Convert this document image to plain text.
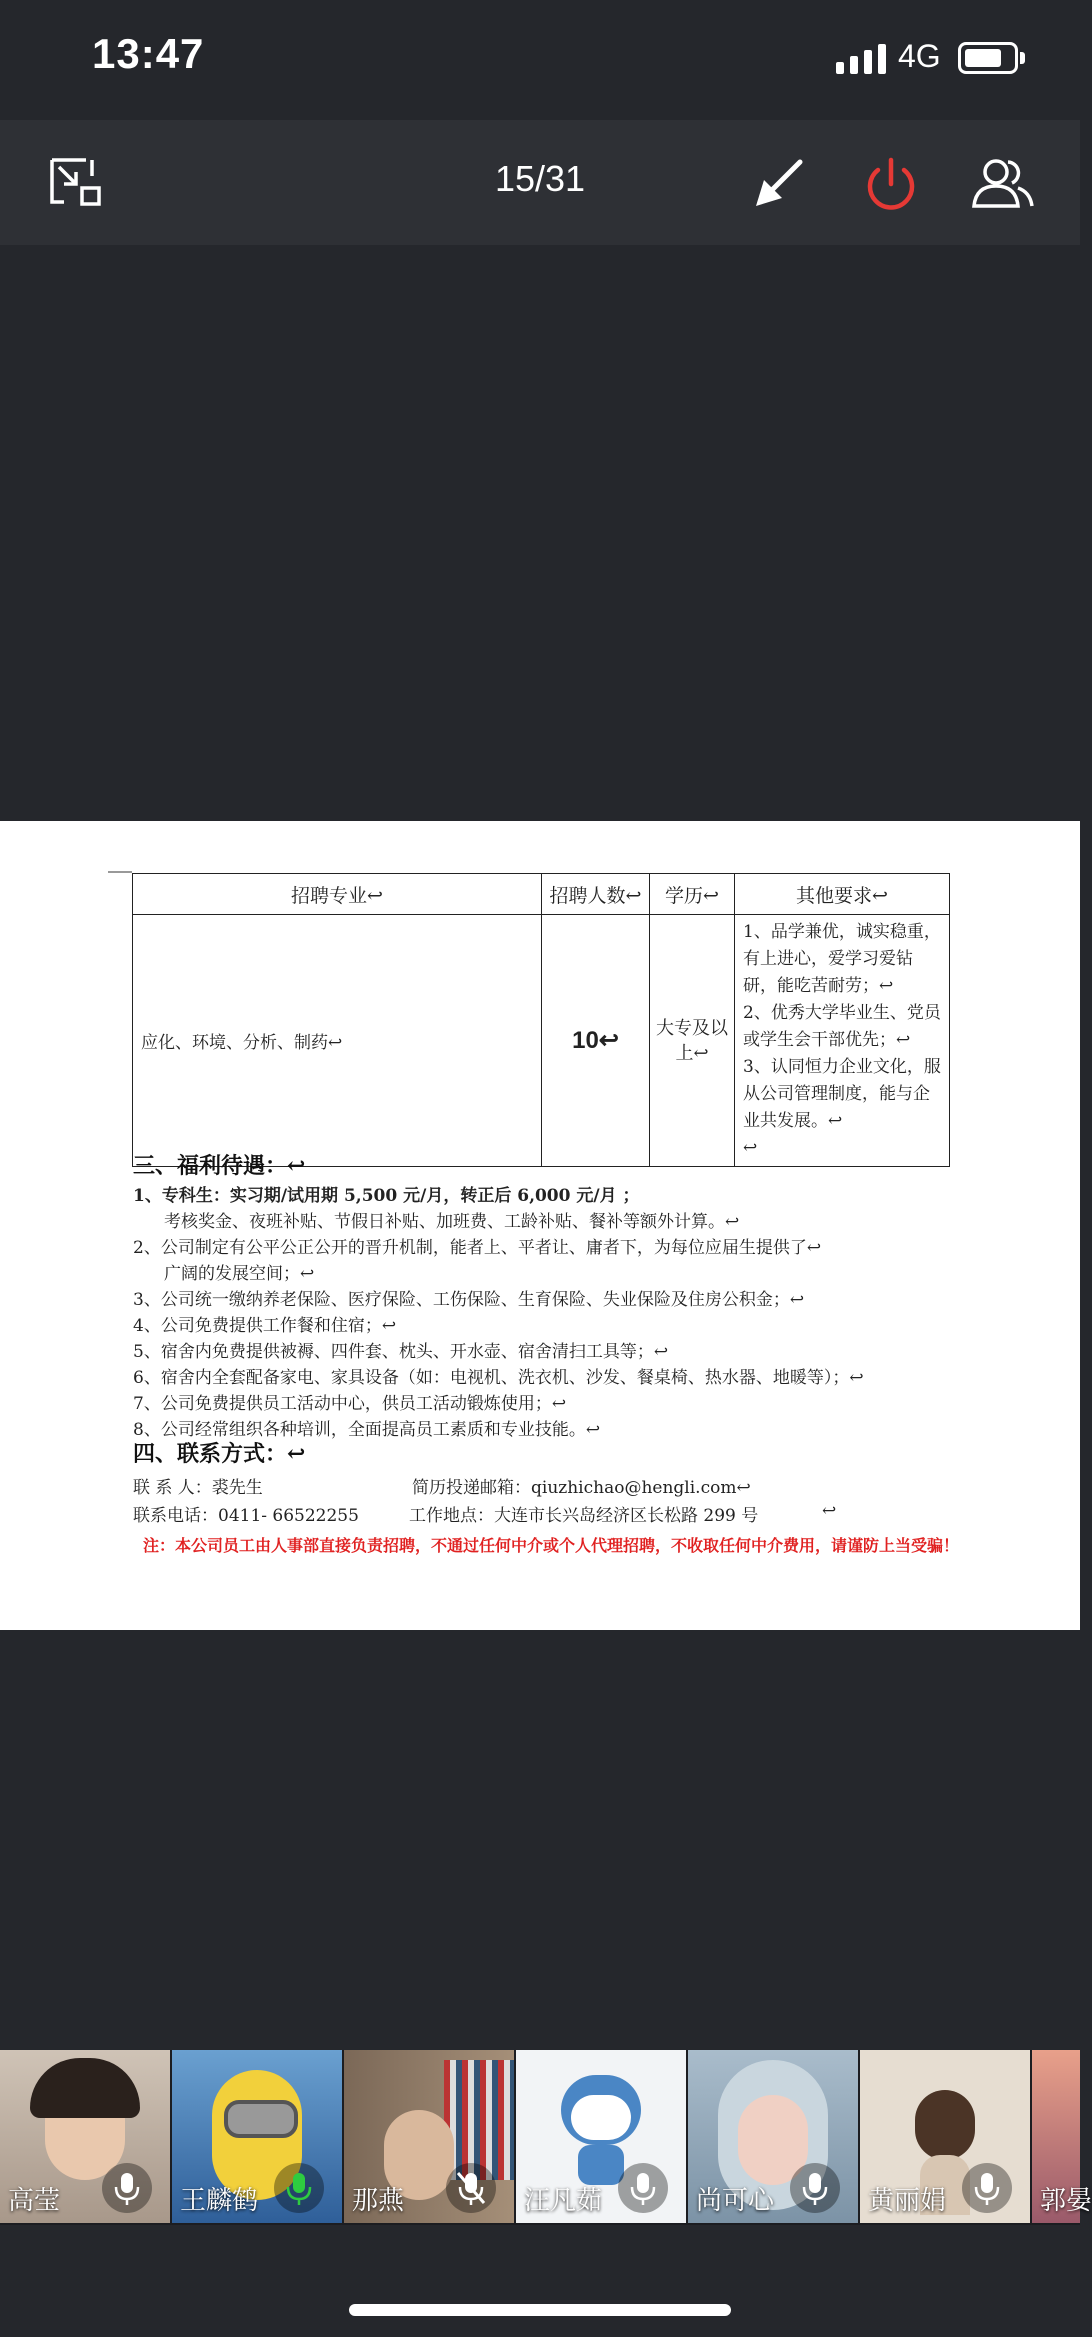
13:47	4G
15/31
招聘专业↩	招聘人数↩	学历↩	其他要求↩
应化、环境、分析、制药↩	10↩	大专及以上↩	1、品学兼优，诚实稳重，有上进心，爱学习爱钻研，能吃苦耐劳；↩
2、优秀大学毕业生、党员或学生会干部优先；↩
3、认同恒力企业文化，服从公司管理制度，能与企业共发展。↩
↩
三、福利待遇：↩
1、专科生：实习期/试用期 5,500 元/月，转正后 6,000 元/月 ；
考核奖金、夜班补贴、节假日补贴、加班费、工龄补贴、餐补等额外计算。↩
2、公司制定有公平公正公开的晋升机制，能者上、平者让、庸者下，为每位应届生提供了↩
广阔的发展空间；↩
3、公司统一缴纳养老保险、医疗保险、工伤保险、生育保险、失业保险及住房公积金；↩
4、公司免费提供工作餐和住宿；↩
5、宿舍内免费提供被褥、四件套、枕头、开水壶、宿舍清扫工具等；↩
6、宿舍内全套配备家电、家具设备（如：电视机、洗衣机、沙发、餐桌椅、热水器、地暖等）；↩
7、公司免费提供员工活动中心，供员工活动锻炼使用；↩
8、公司经常组织各种培训，全面提高员工素质和专业技能。↩
四、联系方式：↩
联 系 人：裘先生	简历投递邮箱：qiuzhichao@hengli.com↩
联系电话：0411- 66522255	工作地点：大连市长兴岛经济区长松路 299 号	↩
注：本公司员工由人事部直接负责招聘，不通过任何中介或个人代理招聘，不收取任何中介费用，请谨防上当受骗！
高莹	王麟鹤	那燕	汪凡茹	尚可心	黄丽娟	郭晏
